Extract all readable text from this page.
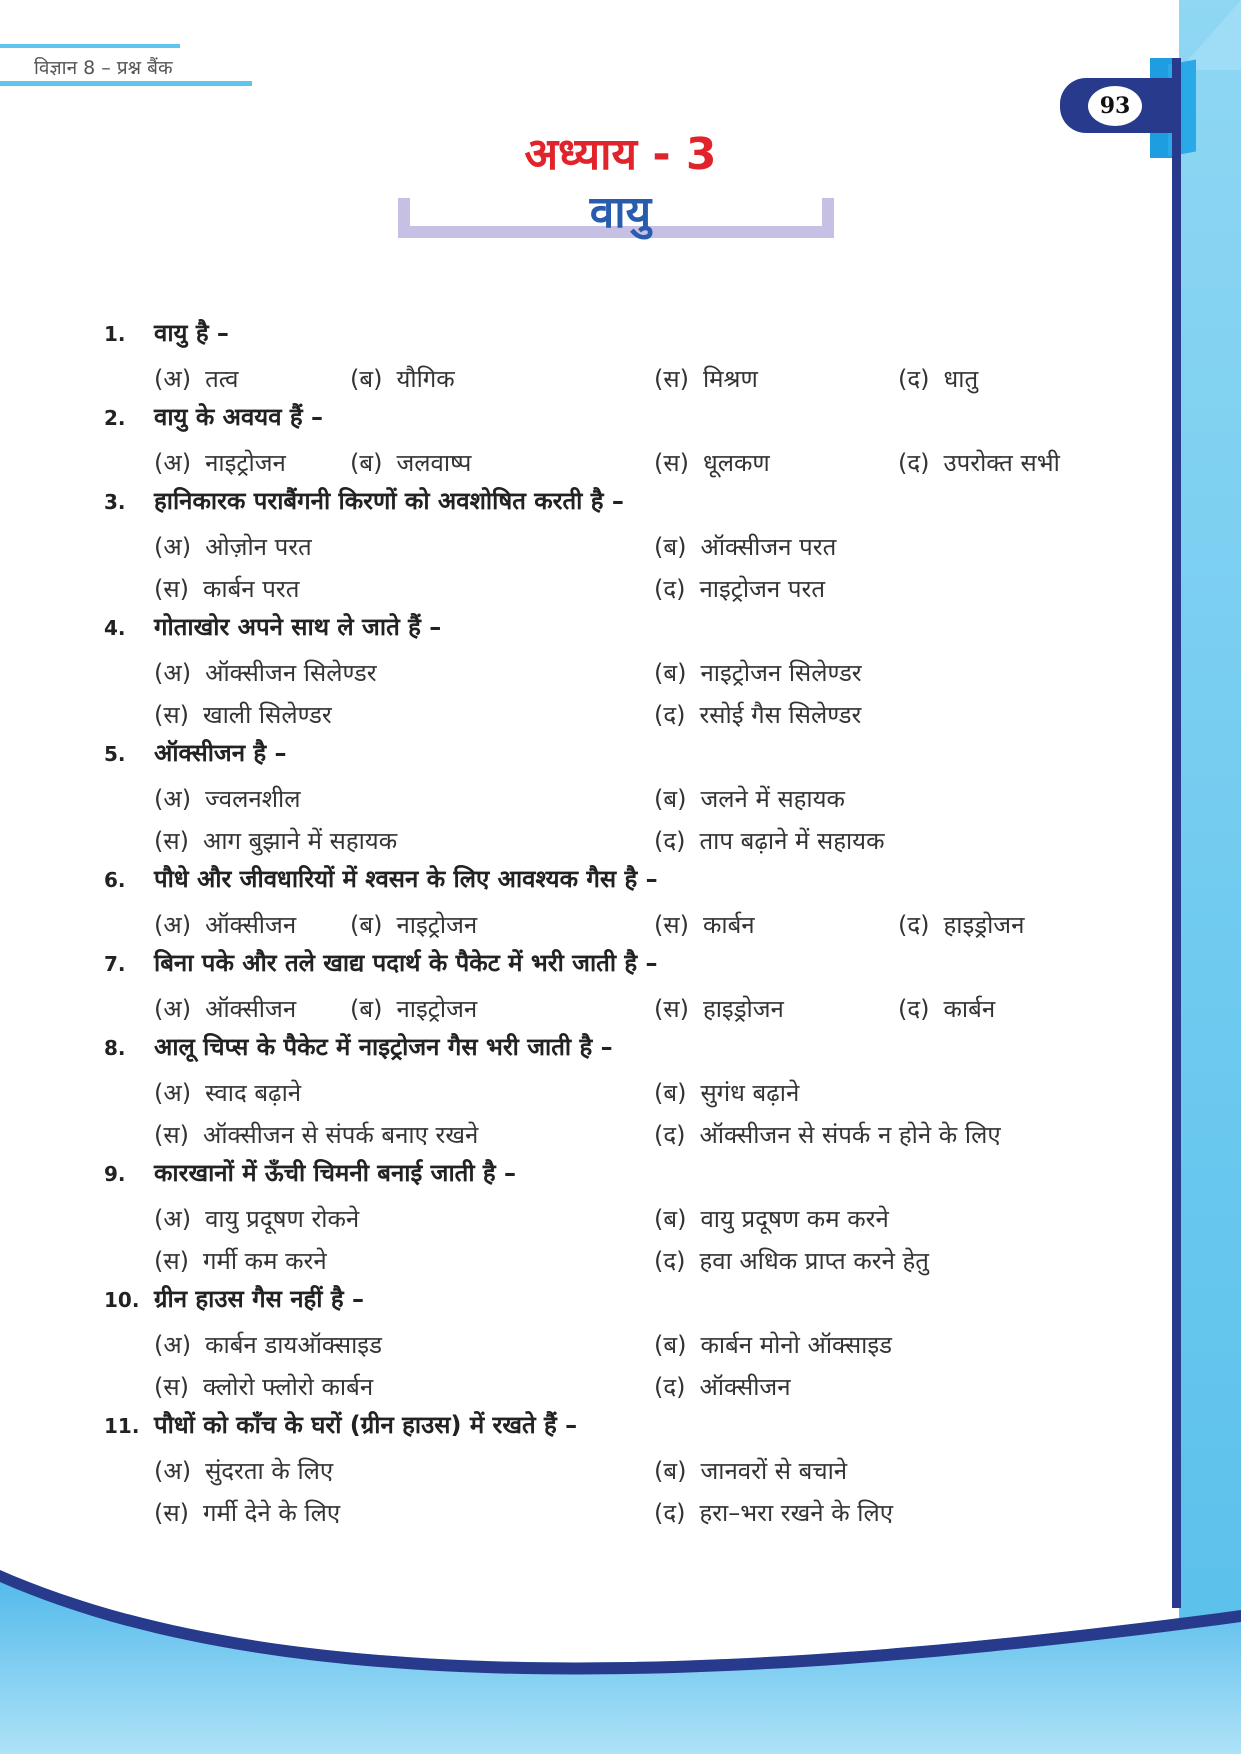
विज्ञान 8 – प्रश्न बैंक
93
अध्याय - 3
वायु
1.	वायु है –
(अ) तत्व	(ब) यौगिक	(स) मिश्रण	(द) धातु
2.	वायु के अवयव हैं –
(अ) नाइट्रोजन	(ब) जलवाष्प	(स) धूलकण	(द) उपरोक्त सभी
3.	हानिकारक पराबैंगनी किरणों को अवशोषित करती है –
(अ) ओज़ोन परत	(ब) ऑक्सीजन परत
(स) कार्बन परत	(द) नाइट्रोजन परत
4.	गोताखोर अपने साथ ले जाते हैं –
(अ) ऑक्सीजन सिलेण्डर	(ब) नाइट्रोजन सिलेण्डर
(स) खाली सिलेण्डर	(द) रसोई गैस सिलेण्डर
5.	ऑक्सीजन है –
(अ) ज्वलनशील	(ब) जलने में सहायक
(स) आग बुझाने में सहायक	(द) ताप बढ़ाने में सहायक
6.	पौधे और जीवधारियों में श्वसन के लिए आवश्यक गैस है –
(अ) ऑक्सीजन (ब) नाइट्रोजन	(स) कार्बन	(द) हाइड्रोजन
7.	बिना पके और तले खाद्य पदार्थ के पैकेट में भरी जाती है –
(अ) ऑक्सीजन (ब) नाइट्रोजन	(स) हाइड्रोजन	(द) कार्बन
8.	आलू चिप्स के पैकेट में नाइट्रोजन गैस भरी जाती है –
(अ) स्वाद बढ़ाने	(ब) सुगंध बढ़ाने
(स) ऑक्सीजन से संपर्क बनाए रखने	(द) ऑक्सीजन से संपर्क न होने के लिए
9.	कारखानों में ऊँची चिमनी बनाई जाती है –
(अ) वायु प्रदूषण रोकने	(ब) वायु प्रदूषण कम करने
(स) गर्मी कम करने	(द) हवा अधिक प्राप्त करने हेतु
10. ग्रीन हाउस गैस नहीं है –
(अ) कार्बन डायऑक्साइड	(ब) कार्बन मोनो ऑक्साइड
(स) क्लोरो फ्लोरो कार्बन	(द) ऑक्सीजन
11. पौधों को काँच के घरों (ग्रीन हाउस) में रखते हैं –
(अ) सुंदरता के लिए	(ब) जानवरों से बचाने
(स) गर्मी देने के लिए	(द) हरा–भरा रखने के लिए
